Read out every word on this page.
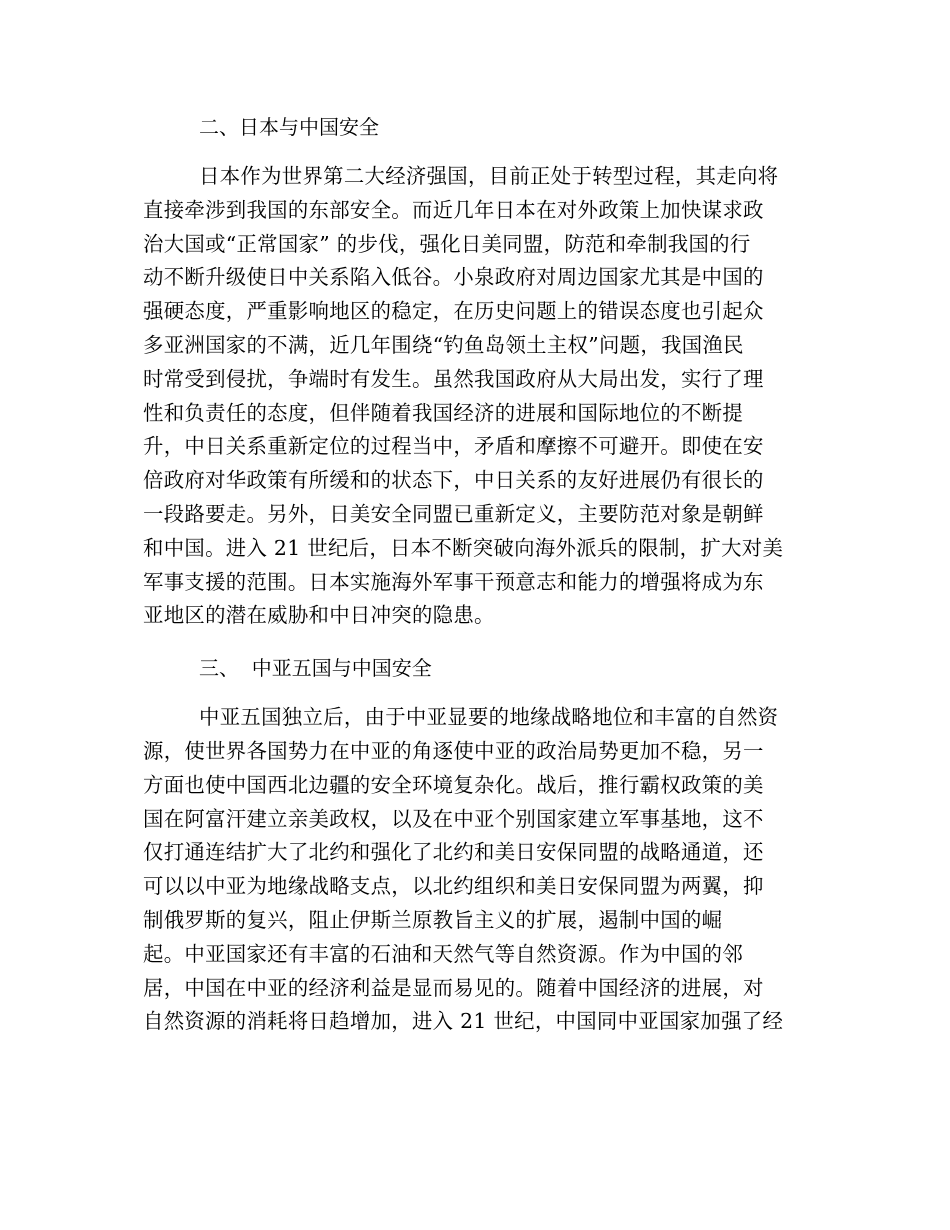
二、日本与中国安全
日本作为世界第二大经济强国，目前正处于转型过程，其走向将
直接牵涉到我国的东部安全。而近几年日本在对外政策上加快谋求政
治大国或“正常国家” 的步伐，强化日美同盟，防范和牵制我国的行
动不断升级使日中关系陷入低谷。小泉政府对周边国家尤其是中国的
强硬态度，严重影响地区的稳定，在历史问题上的错误态度也引起众
多亚洲国家的不满，近几年围绕“钓鱼岛领土主权”问题，我国渔民
时常受到侵扰，争端时有发生。虽然我国政府从大局出发，实行了理
性和负责任的态度，但伴随着我国经济的进展和国际地位的不断提
升，中日关系重新定位的过程当中，矛盾和摩擦不可避开。即使在安
倍政府对华政策有所缓和的状态下，中日关系的友好进展仍有很长的
一段路要走。另外，日美安全同盟已重新定义，主要防范对象是朝鲜
和中国。进入 21 世纪后，日本不断突破向海外派兵的限制，扩大对美
军事支援的范围。日本实施海外军事干预意志和能力的增强将成为东
亚地区的潜在威胁和中日冲突的隐患。
三、  中亚五国与中国安全
中亚五国独立后，由于中亚显要的地缘战略地位和丰富的自然资
源，使世界各国势力在中亚的角逐使中亚的政治局势更加不稳，另一
方面也使中国西北边疆的安全环境复杂化。战后，推行霸权政策的美
国在阿富汗建立亲美政权，以及在中亚个别国家建立军事基地，这不
仅打通连结扩大了北约和强化了北约和美日安保同盟的战略通道，还
可以以中亚为地缘战略支点，以北约组织和美日安保同盟为两翼，抑
制俄罗斯的复兴，阻止伊斯兰原教旨主义的扩展，遏制中国的崛
起。中亚国家还有丰富的石油和天然气等自然资源。作为中国的邻
居，中国在中亚的经济利益是显而易见的。随着中国经济的进展，对
自然资源的消耗将日趋增加，进入 21 世纪，中国同中亚国家加强了经
